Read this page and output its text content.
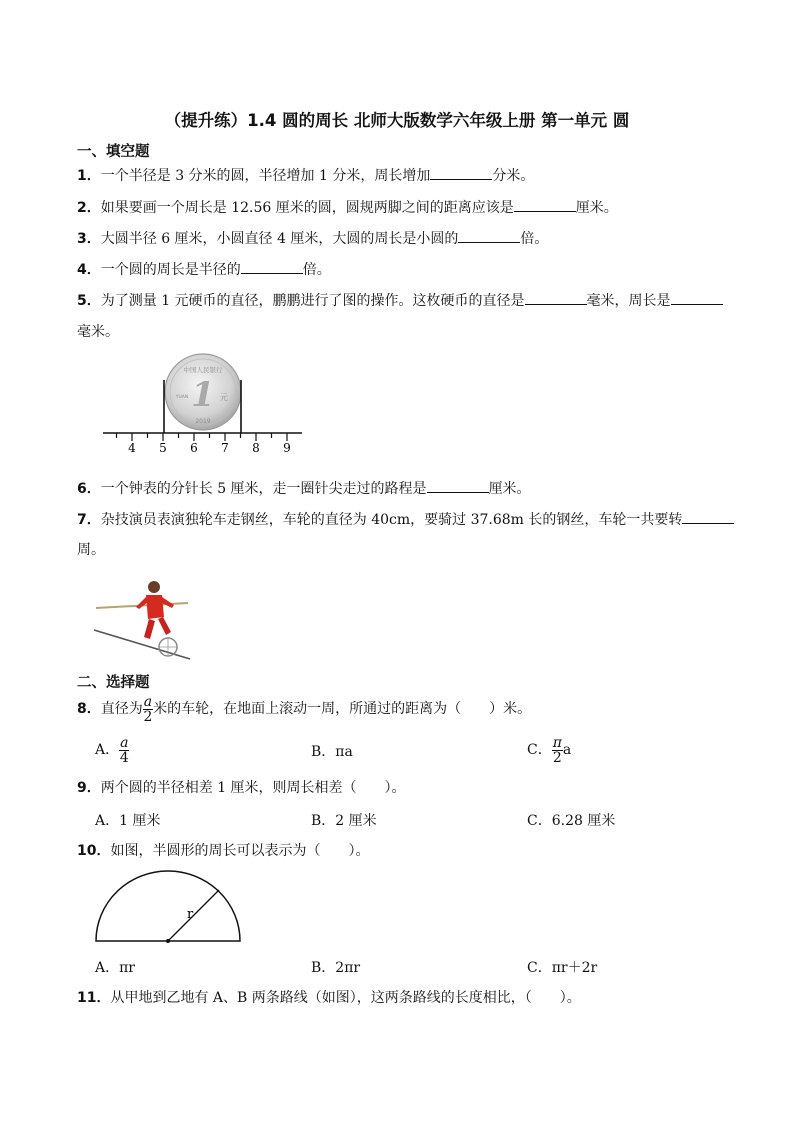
（提升练）1.4 圆的周长 北师大版数学六年级上册 第一单元 圆
一、填空题
1．一个半径是 3 分米的圆，半径增加 1 分米，周长增加	分米。
2．如果要画一个周长是 12.56 厘米的圆，圆规两脚之间的距离应该是	厘米。
3．大圆半径 6 厘米，小圆直径 4 厘米，大圆的周长是小圆的	倍。
4．一个圆的周长是半径的	倍。
5．为了测量 1 元硬币的直径，鹏鹏进行了图的操作。这枚硬币的直径是	毫米，周长是
毫米。
中国人民银行
1 元
YUAN
2019
4 5 6 7 8 9
6．一个钟表的分针长 5 厘米，走一圈针尖走过的路程是	厘米。
7．杂技演员表演独轮车走钢丝，车轮的直径为 40cm，要骑过 37.68m 长的钢丝，车轮一共要转
周。
二、选择题
8．直径为 $\frac{a}{2}$ 米的车轮，在地面上滚动一周，所通过的距离为（　　）米。
A． $\frac{a}{4}$	B．πa	C． $\frac{\pi}{2}$ a
9．两个圆的半径相差 1 厘米，则周长相差（　　）。
A．1 厘米	B．2 厘米	C．6.28 厘米
10．如图，半圆形的周长可以表示为（　　）。
r
A．πr	B．2πr	C．πr＋2r
11．从甲地到乙地有 A、B 两条路线（如图），这两条路线的长度相比，（　　）。
